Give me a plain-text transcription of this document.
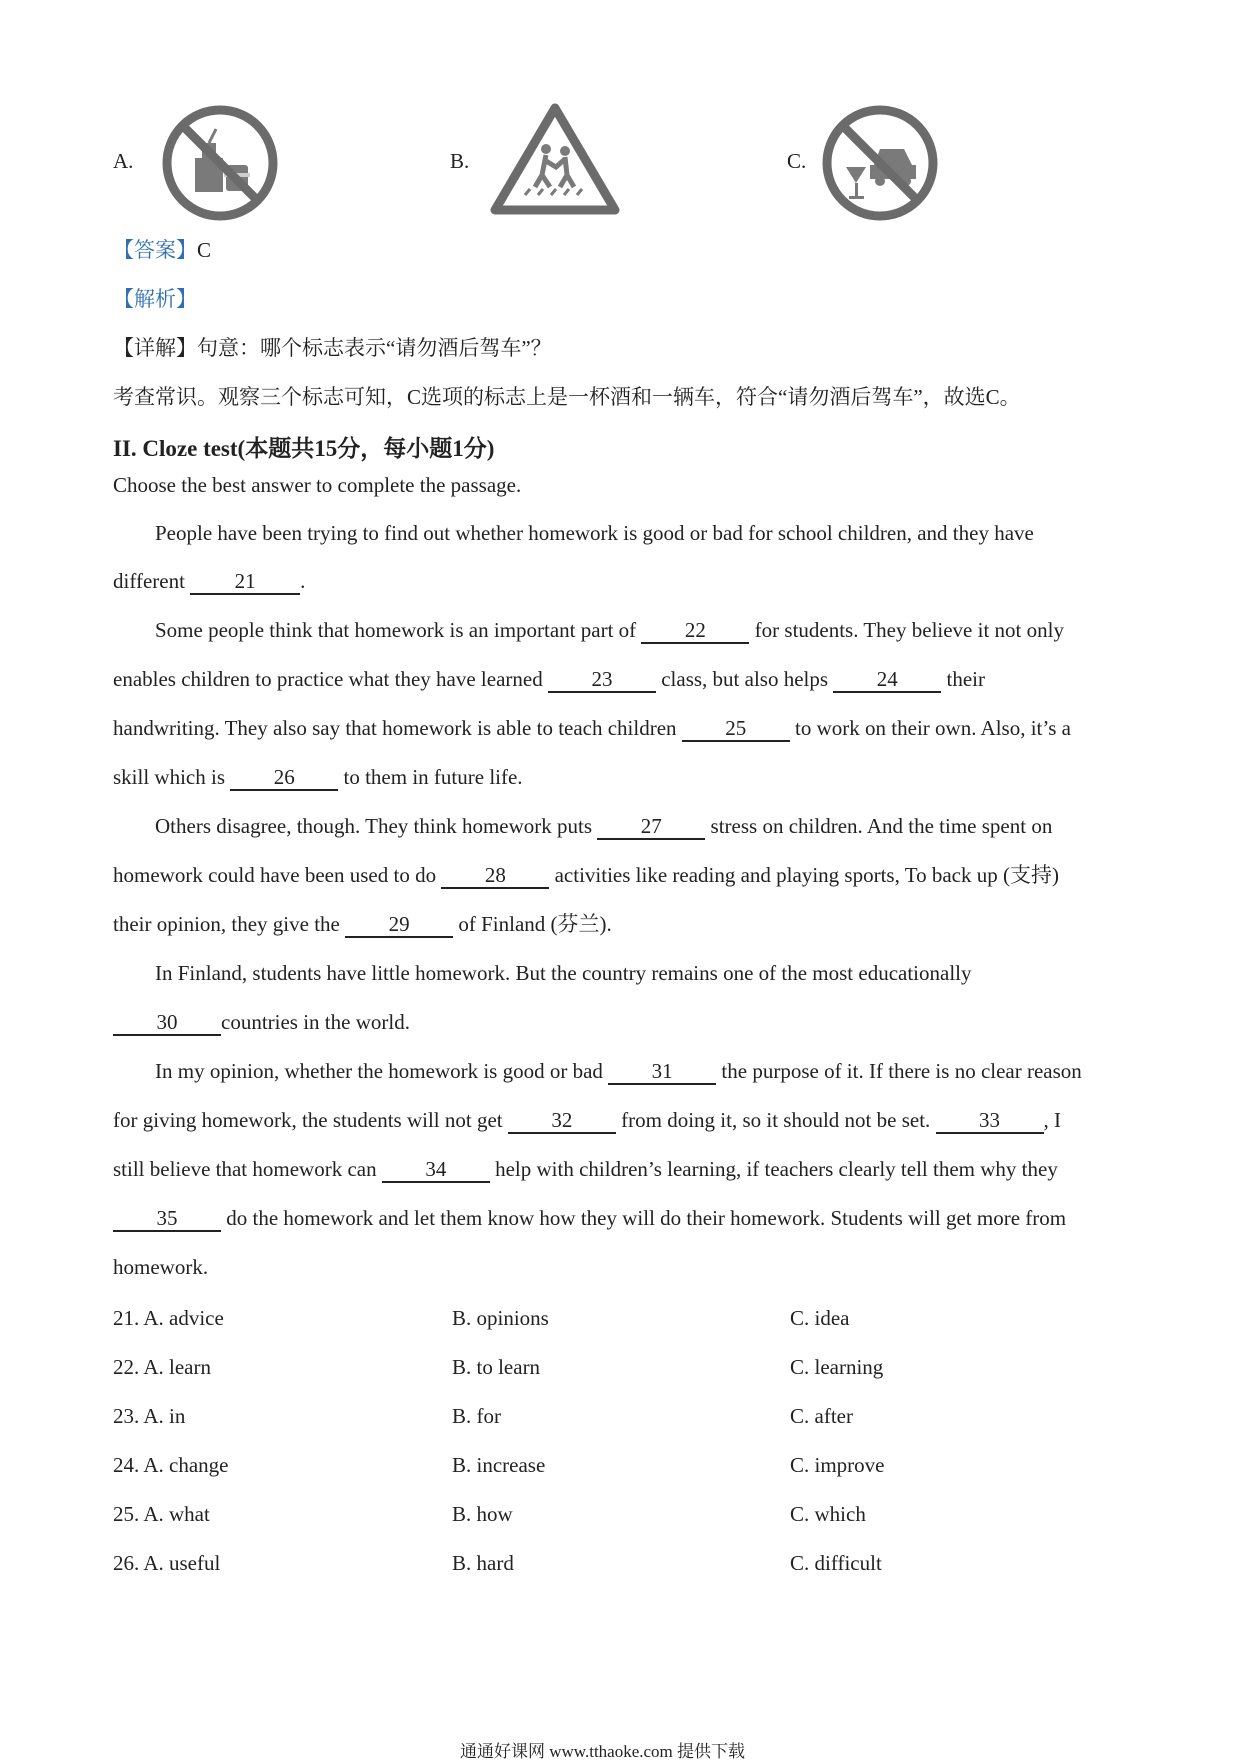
A.	B.	C.
【答案】C
【解析】
【详解】句意：哪个标志表示“请勿酒后驾车”？
考查常识。观察三个标志可知，C选项的标志上是一杯酒和一辆车，符合“请勿酒后驾车”，故选C。
II. Cloze test(本题共15分，每小题1分)
Choose the best answer to complete the passage.
People have been trying to find out whether homework is good or bad for school children, and they have
different 21 .
Some people think that homework is an important part of 22 for students. They believe it not only
enables children to practice what they have learned 23 class, but also helps 24 their
handwriting. They also say that homework is able to teach children 25 to work on their own. Also, it’s a
skill which is 26 to them in future life.
Others disagree, though. They think homework puts 27 stress on children. And the time spent on
homework could have been used to do 28 activities like reading and playing sports, To back up (支持)
their opinion, they give the 29 of Finland (芬兰).
In Finland, students have little homework. But the country remains one of the most educationally
30 countries in the world.
In my opinion, whether the homework is good or bad 31 the purpose of it. If there is no clear reason
for giving homework, the students will not get 32 from doing it, so it should not be set. 33 , I
still believe that homework can 34 help with children’s learning, if teachers clearly tell them why they
35 do the homework and let them know how they will do their homework. Students will get more from
homework.
21. A. advice	B. opinions	C. idea
22. A. learn	B. to learn	C. learning
23. A. in	B. for	C. after
24. A. change	B. increase	C. improve
25. A. what	B. how	C. which
26. A. useful	B. hard	C. difficult
通通好课网 www.tthaoke.com 提供下载
